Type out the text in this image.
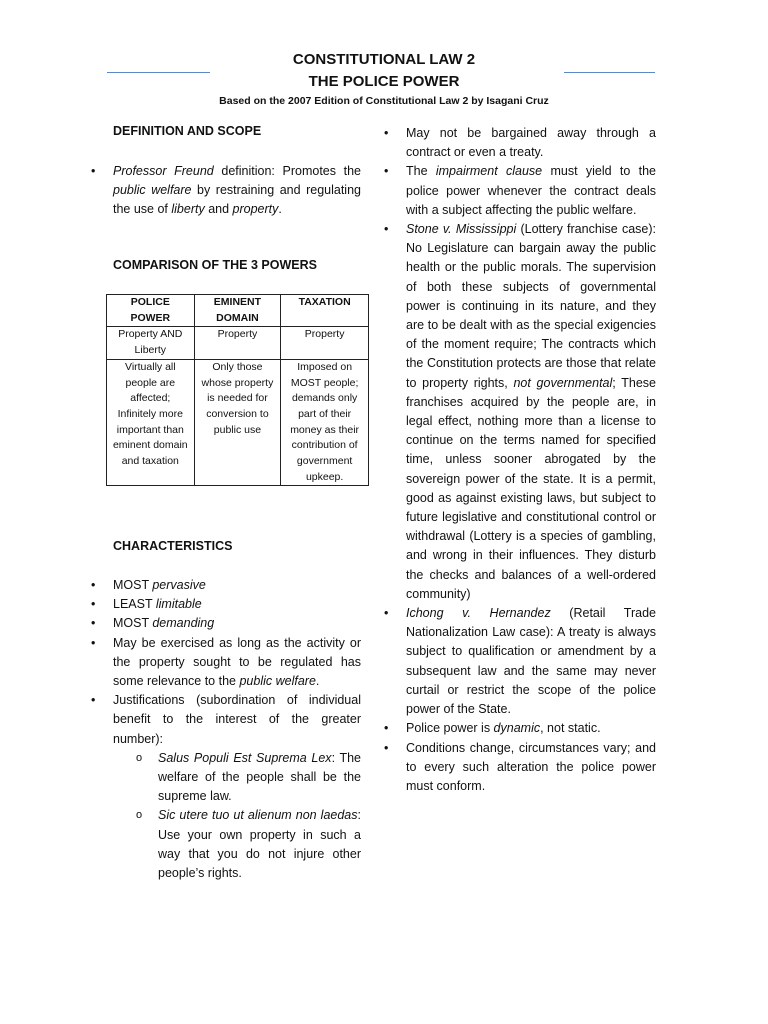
CONSTITUTIONAL LAW 2
THE POLICE POWER
Based on the 2007 Edition of Constitutional Law 2 by Isagani Cruz
DEFINITION AND SCOPE
• Professor Freund definition: Promotes the public welfare by restraining and regulating the use of liberty and property.
COMPARISON OF THE 3 POWERS
POLICE POWER	EMINENT DOMAIN	TAXATION
Property AND Liberty	Property	Property
Virtually all people are affected; Infinitely more important than eminent domain and taxation	Only those whose property is needed for conversion to public use	Imposed on MOST people; demands only part of their money as their contribution of government upkeep.
CHARACTERISTICS
• MOST pervasive
• LEAST limitable
• MOST demanding
• May be exercised as long as the activity or the property sought to be regulated has some relevance to the public welfare.
• Justifications (subordination of individual benefit to the interest of the greater number):
o Salus Populi Est Suprema Lex: The welfare of the people shall be the supreme law.
o Sic utere tuo ut alienum non laedas: Use your own property in such a way that you do not injure other people’s rights.
• May not be bargained away through a contract or even a treaty.
• The impairment clause must yield to the police power whenever the contract deals with a subject affecting the public welfare.
• Stone v. Mississippi (Lottery franchise case): No Legislature can bargain away the public health or the public morals. The supervision of both these subjects of governmental power is continuing in its nature, and they are to be dealt with as the special exigencies of the moment require; The contracts which the Constitution protects are those that relate to property rights, not governmental; These franchises acquired by the people are, in legal effect, nothing more than a license to continue on the terms named for specified time, unless sooner abrogated by the sovereign power of the state. It is a permit, good as against existing laws, but subject to future legislative and constitutional control or withdrawal (Lottery is a species of gambling, and wrong in their influences. They disturb the checks and balances of a well-ordered community)
• Ichong v. Hernandez (Retail Trade Nationalization Law case): A treaty is always subject to qualification or amendment by a subsequent law and the same may never curtail or restrict the scope of the police power of the State.
• Police power is dynamic, not static.
• Conditions change, circumstances vary; and to every such alteration the police power must conform.
